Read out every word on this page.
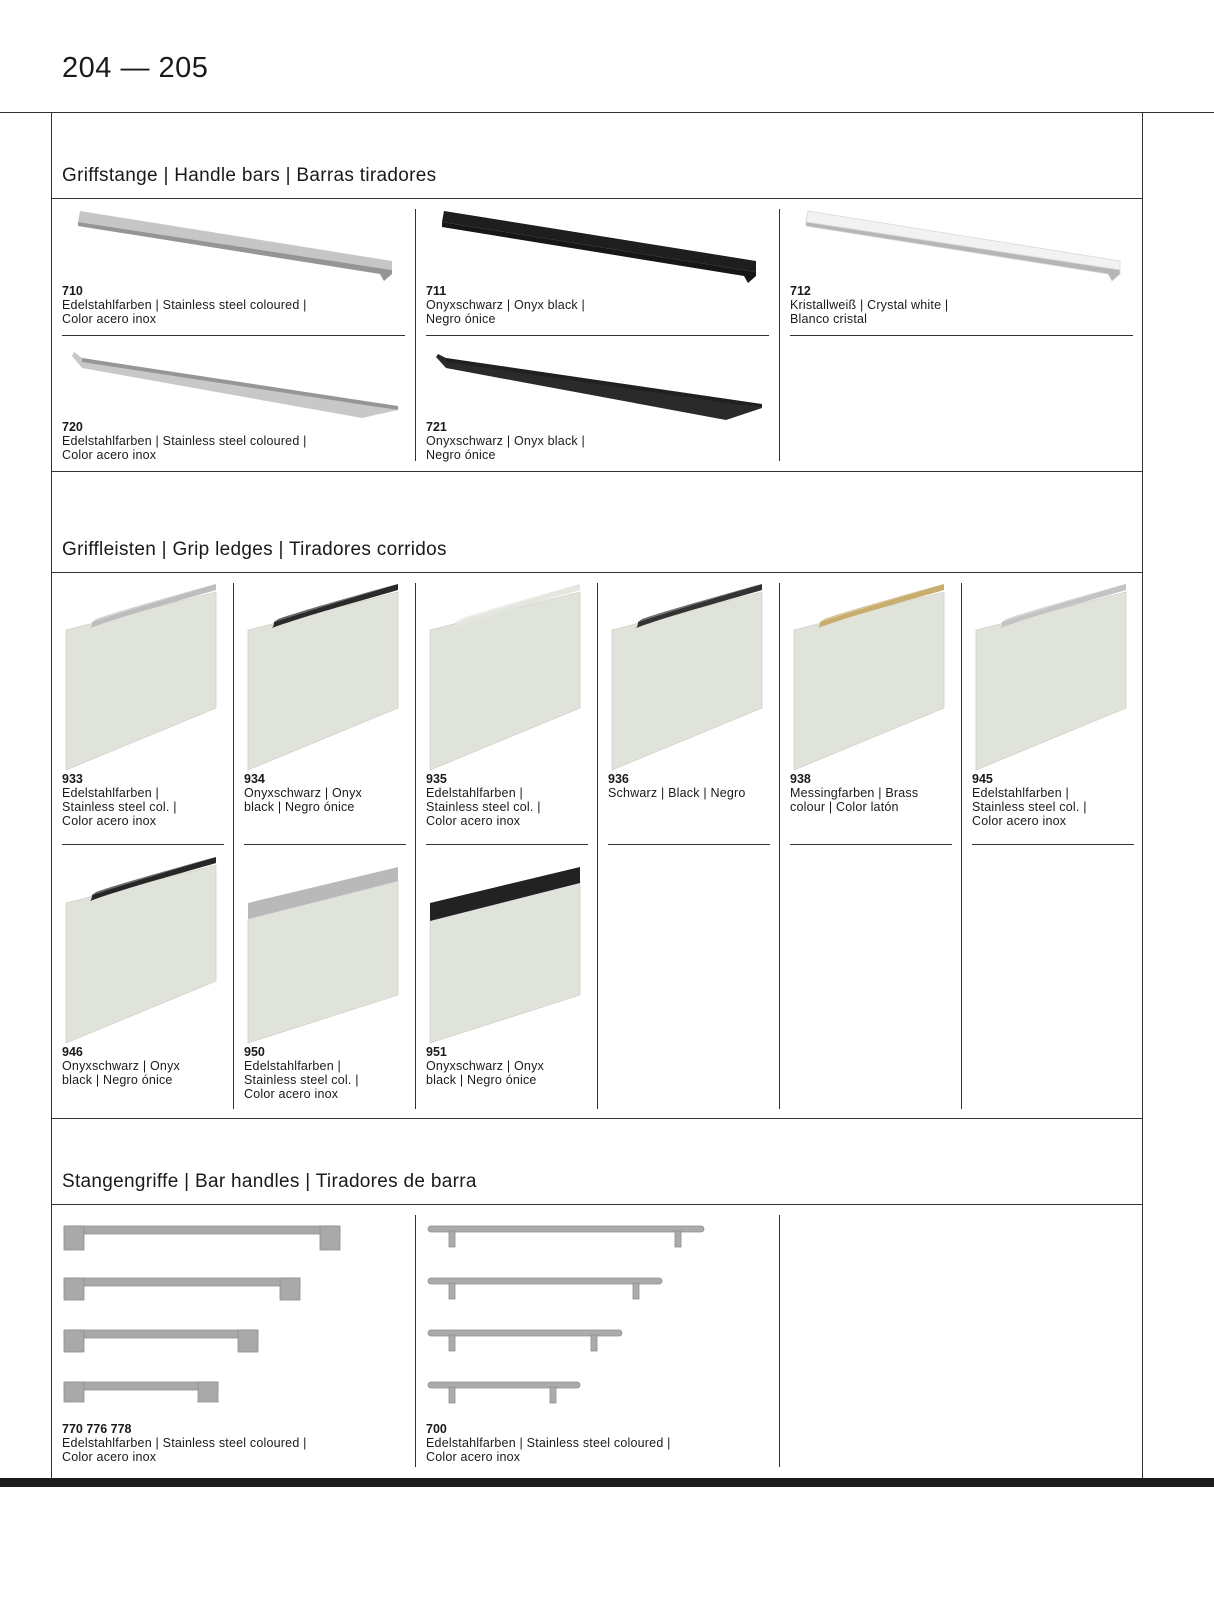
204 — 205
Griffstange | Handle bars | Barras tiradores
710
Edelstahlfarben | Stainless steel coloured |
Color acero inox
711
Onyxschwarz | Onyx black |
Negro ónice
712
Kristallweiß | Crystal white |
Blanco cristal
720
Edelstahlfarben | Stainless steel coloured |
Color acero inox
721
Onyxschwarz | Onyx black |
Negro ónice
Griffleisten | Grip ledges | Tiradores corridos
933
Edelstahlfarben |
Stainless steel col. |
Color acero inox
934
Onyxschwarz | Onyx
black | Negro ónice
935
Edelstahlfarben |
Stainless steel col. |
Color acero inox
936
Schwarz | Black | Negro
938
Messingfarben | Brass
colour | Color latón
945
Edelstahlfarben |
Stainless steel col. |
Color acero inox
946
Onyxschwarz | Onyx
black | Negro ónice
950
Edelstahlfarben |
Stainless steel col. |
Color acero inox
951
Onyxschwarz | Onyx
black | Negro ónice
Stangengriffe | Bar handles | Tiradores de barra
770 776 778
Edelstahlfarben | Stainless steel coloured |
Color acero inox
700
Edelstahlfarben | Stainless steel coloured |
Color acero inox
